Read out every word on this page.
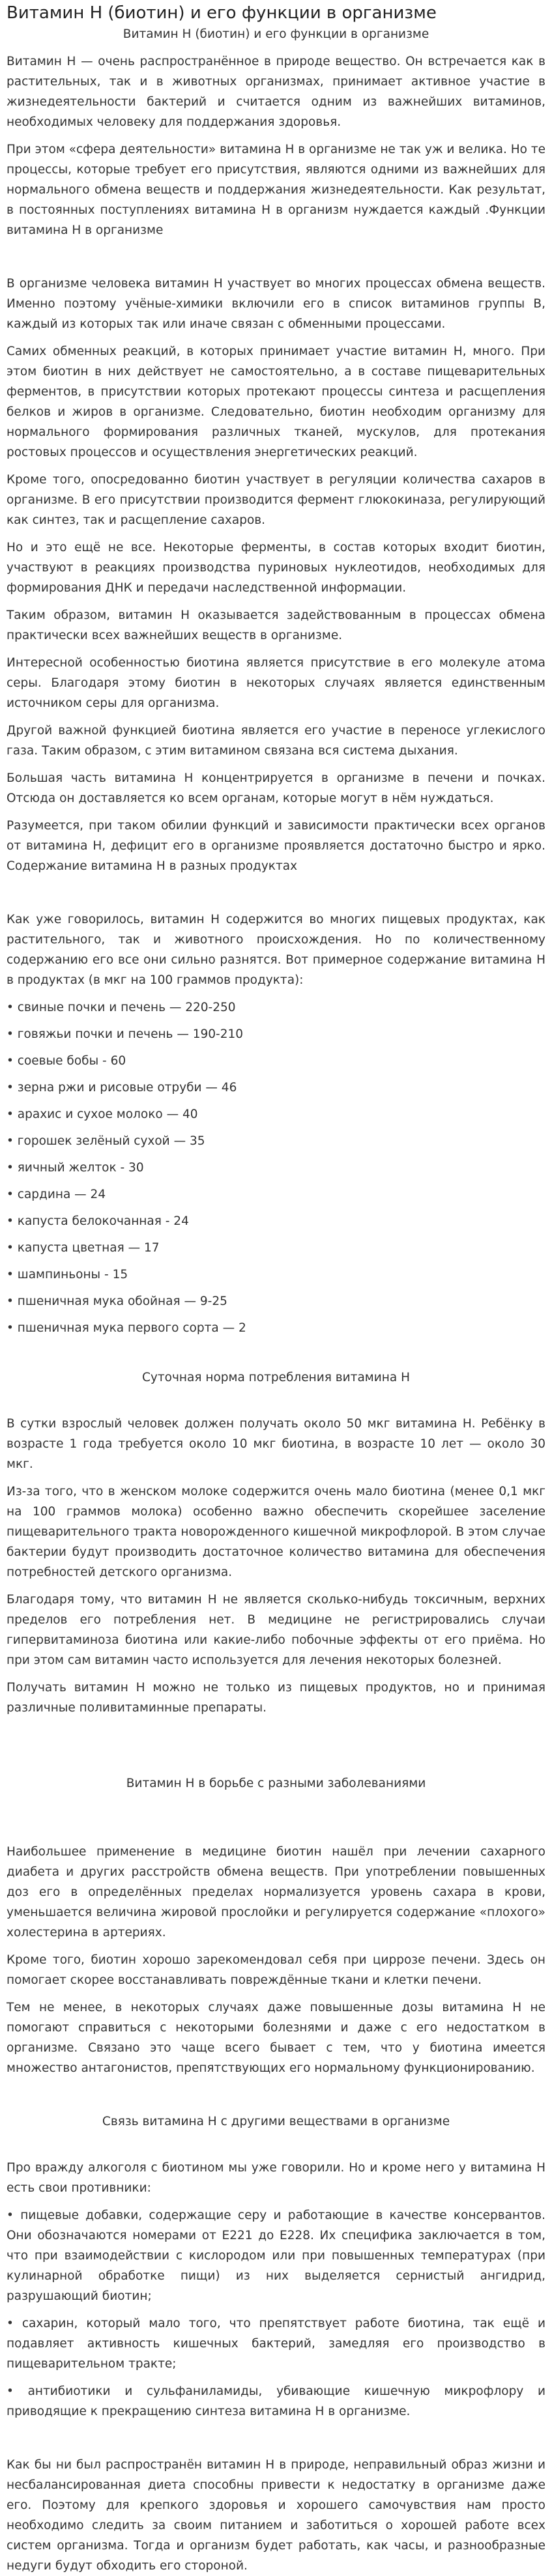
Витамин Н (биотин) и его функции в организме

Витамин Н (биотин) и его функции в организме

Витамин Н — очень распространённое в природе вещество. Он встречается как в растительных, так и в животных организмах, принимает активное участие в жизнедеятельности бактерий и считается одним из важнейших витаминов, необходимых человеку для поддержания здоровья.

При этом «сфера деятельности» витамина Н в организме не так уж и велика. Но те процессы, которые требует его присутствия, являются одними из важнейших для нормального обмена веществ и поддержания жизнедеятельности. Как результат, в постоянных поступлениях витамина Н в организм нуждается каждый .Функции витамина Н в организме

В организме человека витамин Н участвует во многих процессах обмена веществ. Именно поэтому учёные-химики включили его в список витаминов группы В, каждый из которых так или иначе связан с обменными процессами.

Самих обменных реакций, в которых принимает участие витамин Н, много. При этом биотин в них действует не самостоятельно, а в составе пищеварительных ферментов, в присутствии которых протекают процессы синтеза и расщепления белков и жиров в организме. Следовательно, биотин необходим организму для нормального формирования различных тканей, мускулов, для протекания ростовых процессов и осуществления энергетических реакций.

Кроме того, опосредованно биотин участвует в регуляции количества сахаров в организме. В его присутствии производится фермент глюкокиназа, регулирующий как синтез, так и расщепление сахаров.

Но и это ещё не все. Некоторые ферменты, в состав которых входит биотин, участвуют в реакциях производства пуриновых нуклеотидов, необходимых для формирования ДНК и передачи наследственной информации.

Таким образом, витамин Н оказывается задействованным в процессах обмена практически всех важнейших веществ в организме.

Интересной особенностью биотина является присутствие в его молекуле атома серы. Благодаря этому биотин в некоторых случаях является единственным источником серы для организма.

Другой важной функцией биотина является его участие в переносе углекислого газа. Таким образом, с этим витамином связана вся система дыхания.

Большая часть витамина Н концентрируется в организме в печени и почках. Отсюда он доставляется ко всем органам, которые могут в нём нуждаться.

Разумеется, при таком обилии функций и зависимости практически всех органов от витамина Н, дефицит его в организме проявляется достаточно быстро и ярко. Содержание витамина Н в разных продуктах

Как уже говорилось, витамин Н содержится во многих пищевых продуктах, как растительного, так и животного происхождения. Но по количественному содержанию его все они сильно разнятся. Вот примерное содержание витамина Н в продуктах (в мкг на 100 граммов продукта):

• свиные почки и печень — 220-250
• говяжьи почки и печень — 190-210
• соевые бобы - 60
• зерна ржи и рисовые отруби — 46
• арахис и сухое молоко — 40
• горошек зелёный сухой — 35
• яичный желток - 30
• сардина — 24
• капуста белокочанная - 24
• капуста цветная — 17
• шампиньоны - 15
• пшеничная мука обойная — 9-25
• пшеничная мука первого сорта — 2

Суточная норма потребления витамина Н

В сутки взрослый человек должен получать около 50 мкг витамина Н. Ребёнку в возрасте 1 года требуется около 10 мкг биотина, в возрасте 10 лет — около 30 мкг.

Из-за того, что в женском молоке содержится очень мало биотина (менее 0,1 мкг на 100 граммов молока) особенно важно обеспечить скорейшее заселение пищеварительного тракта новорожденного кишечной микрофлорой. В этом случае бактерии будут производить достаточное количество витамина для обеспечения потребностей детского организма.

Благодаря тому, что витамин Н не является сколько-нибудь токсичным, верхних пределов его потребления нет. В медицине не регистрировались случаи гипервитаминоза биотина или какие-либо побочные эффекты от его приёма. Но при этом сам витамин часто используется для лечения некоторых болезней.

Получать витамин Н можно не только из пищевых продуктов, но и принимая различные поливитаминные препараты.

Витамин Н в борьбе с разными заболеваниями

Наибольшее применение в медицине биотин нашёл при лечении сахарного диабета и других расстройств обмена веществ. При употреблении повышенных доз его в определённых пределах нормализуется уровень сахара в крови, уменьшается величина жировой прослойки и регулируется содержание «плохого» холестерина в артериях.

Кроме того, биотин хорошо зарекомендовал себя при циррозе печени. Здесь он помогает скорее восстанавливать повреждённые ткани и клетки печени.

Тем не менее, в некоторых случаях даже повышенные дозы витамина Н не помогают справиться с некоторыми болезнями и даже с его недостатком в организме. Связано это чаще всего бывает с тем, что у биотина имеется множество антагонистов, препятствующих его нормальному функционированию.

Связь витамина Н с другими веществами в организме

Про вражду алкоголя с биотином мы уже говорили. Но и кроме него у витамина Н есть свои противники:

• пищевые добавки, содержащие серу и работающие в качестве консервантов. Они обозначаются номерами от Е221 до Е228. Их специфика заключается в том, что при взаимодействии с кислородом или при повышенных температурах (при кулинарной обработке пищи) из них выделяется сернистый ангидрид, разрушающий биотин;

• сахарин, который мало того, что препятствует работе биотина, так ещё и подавляет активность кишечных бактерий, замедляя его производство в пищеварительном тракте;

• антибиотики и сульфаниламиды, убивающие кишечную микрофлору и приводящие к прекращению синтеза витамина Н в организме.

Как бы ни был распространён витамин Н в природе, неправильный образ жизни и несбалансированная диета способны привести к недостатку в организме даже его. Поэтому для крепкого здоровья и хорошего самочувствия нам просто необходимо следить за своим питанием и заботиться о хорошей работе всех систем организма. Тогда и организм будет работать, как часы, и разнообразные недуги будут обходить его стороной.
